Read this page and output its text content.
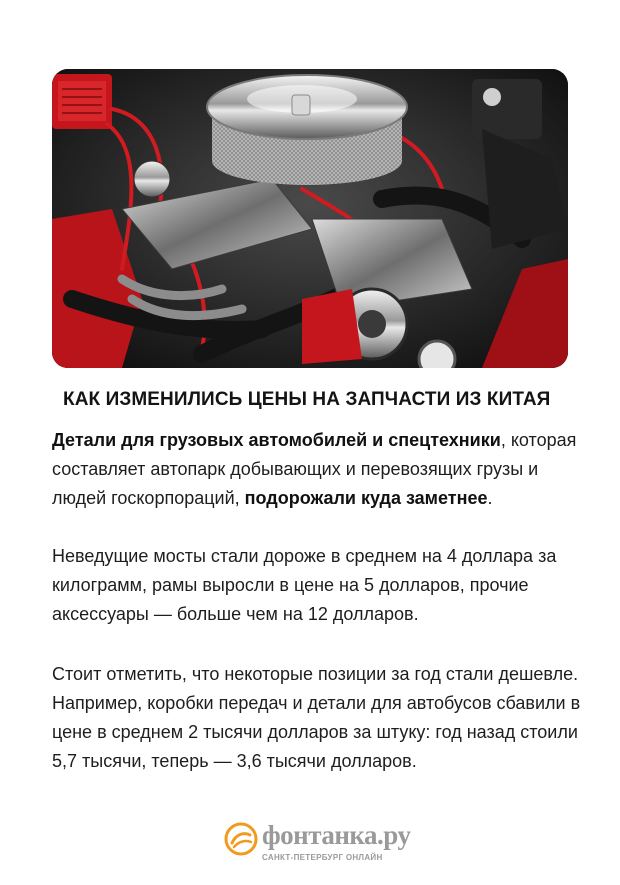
КАК ИЗМЕНИЛИСЬ ЦЕНЫ НА ЗАПЧАСТИ ИЗ КИТАЯ
Детали для грузовых автомобилей и спецтехники, которая составляет автопарк добывающих и перевозящих грузы и людей госкорпораций, подорожали куда заметнее.
Неведущие мосты стали дороже в среднем на 4 доллара за килограмм, рамы выросли в цене на 5 долларов, прочие аксессуары — больше чем на 12 долларов.
Стоит отметить, что некоторые позиции за год стали дешевле. Например, коробки передач и детали для автобусов сбавили в цене в среднем 2 тысячи долларов за штуку: год назад стоили 5,7 тысячи, теперь — 3,6 тысячи долларов.
фонтанка.ру
САНКТ-ПЕТЕРБУРГ ОНЛАЙН
